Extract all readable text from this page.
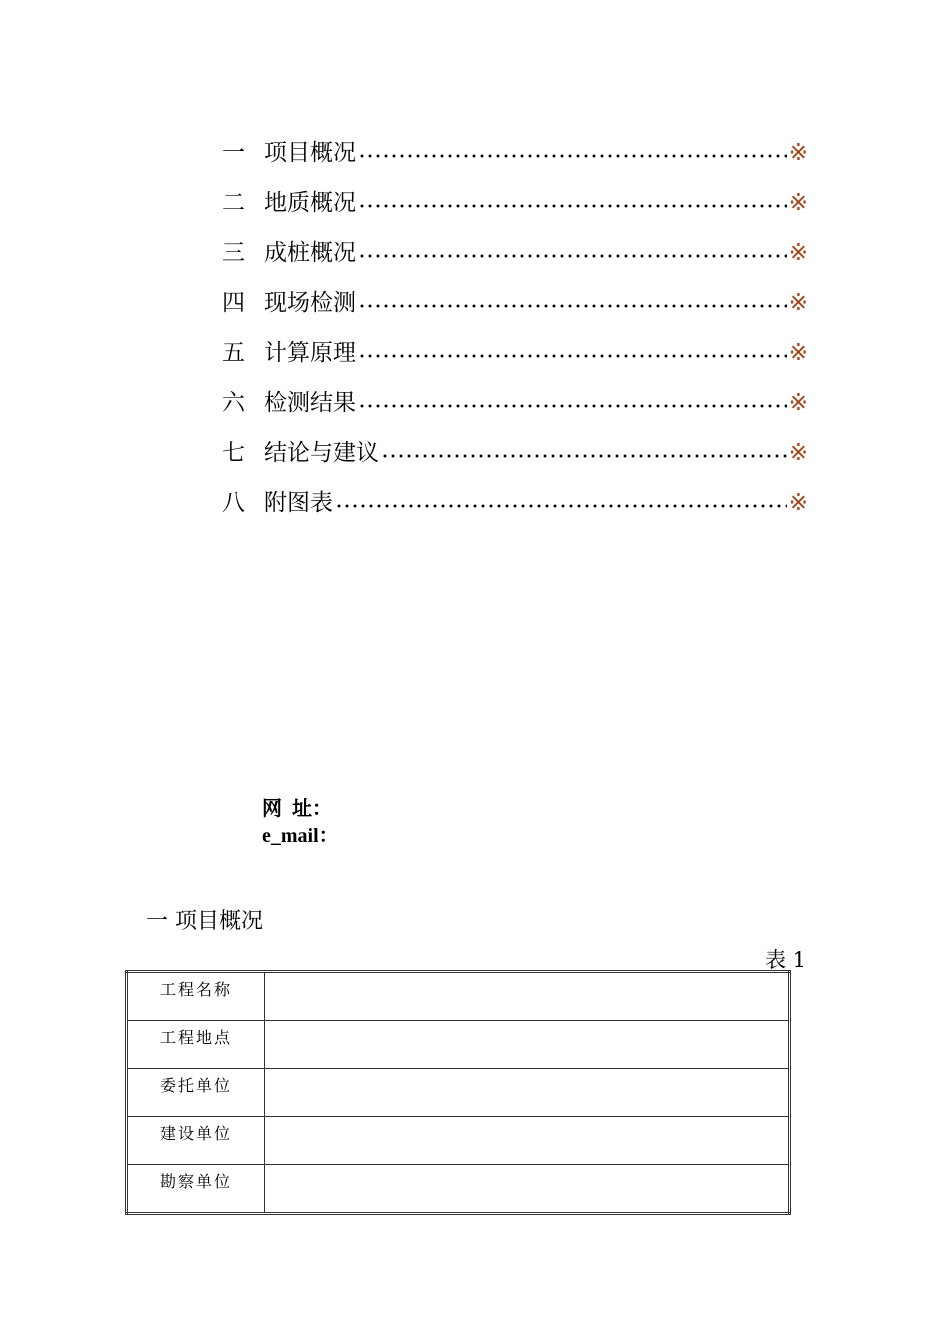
一 项目概况	※
二 地质概况	※
三 成桩概况	※
四 现场检测	※
五 计算原理	※
六 检测结果	※
七 结论与建议	※
八 附图表	※
网  址：
e_mail：
一 项目概况
表 1
工程名称	
工程地点	
委托单位	
建设单位	
勘察单位	
